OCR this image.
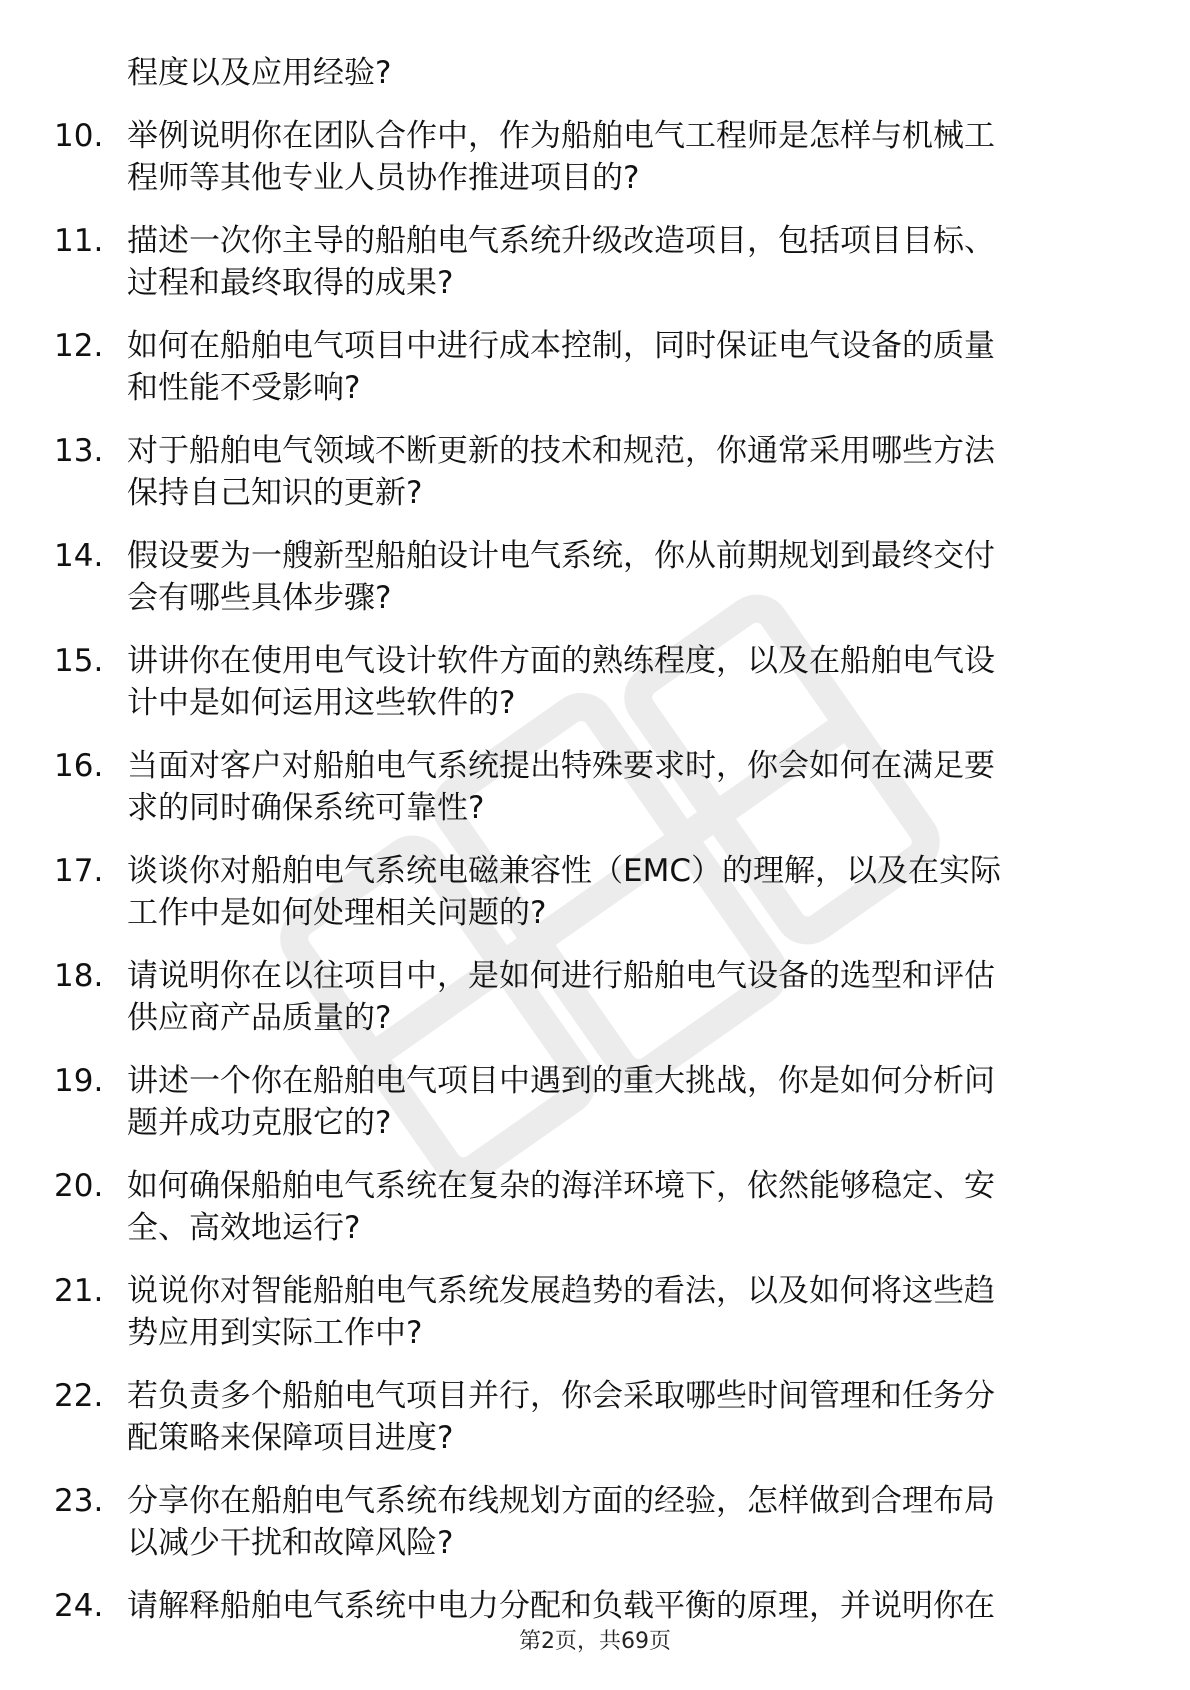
程度以及应用经验?
10. 举例说明你在团队合作中，作为船舶电气工程师是怎样与机械工
程师等其他专业人员协作推进项目的?
11. 描述一次你主导的船舶电气系统升级改造项目，包括项目目标、
过程和最终取得的成果?
12. 如何在船舶电气项目中进行成本控制，同时保证电气设备的质量
和性能不受影响?
13. 对于船舶电气领域不断更新的技术和规范，你通常采用哪些方法
保持自己知识的更新?
14. 假设要为一艘新型船舶设计电气系统，你从前期规划到最终交付
会有哪些具体步骤?
15. 讲讲你在使用电气设计软件方面的熟练程度，以及在船舶电气设
计中是如何运用这些软件的?
16. 当面对客户对船舶电气系统提出特殊要求时，你会如何在满足要
求的同时确保系统可靠性?
17. 谈谈你对船舶电气系统电磁兼容性（EMC）的理解，以及在实际
工作中是如何处理相关问题的?
18. 请说明你在以往项目中，是如何进行船舶电气设备的选型和评估
供应商产品质量的?
19. 讲述一个你在船舶电气项目中遇到的重大挑战，你是如何分析问
题并成功克服它的?
20. 如何确保船舶电气系统在复杂的海洋环境下，依然能够稳定、安
全、高效地运行?
21. 说说你对智能船舶电气系统发展趋势的看法，以及如何将这些趋
势应用到实际工作中?
22. 若负责多个船舶电气项目并行，你会采取哪些时间管理和任务分
配策略来保障项目进度?
23. 分享你在船舶电气系统布线规划方面的经验，怎样做到合理布局
以减少干扰和故障风险?
24. 请解释船舶电气系统中电力分配和负载平衡的原理，并说明你在
第2页，共69页
